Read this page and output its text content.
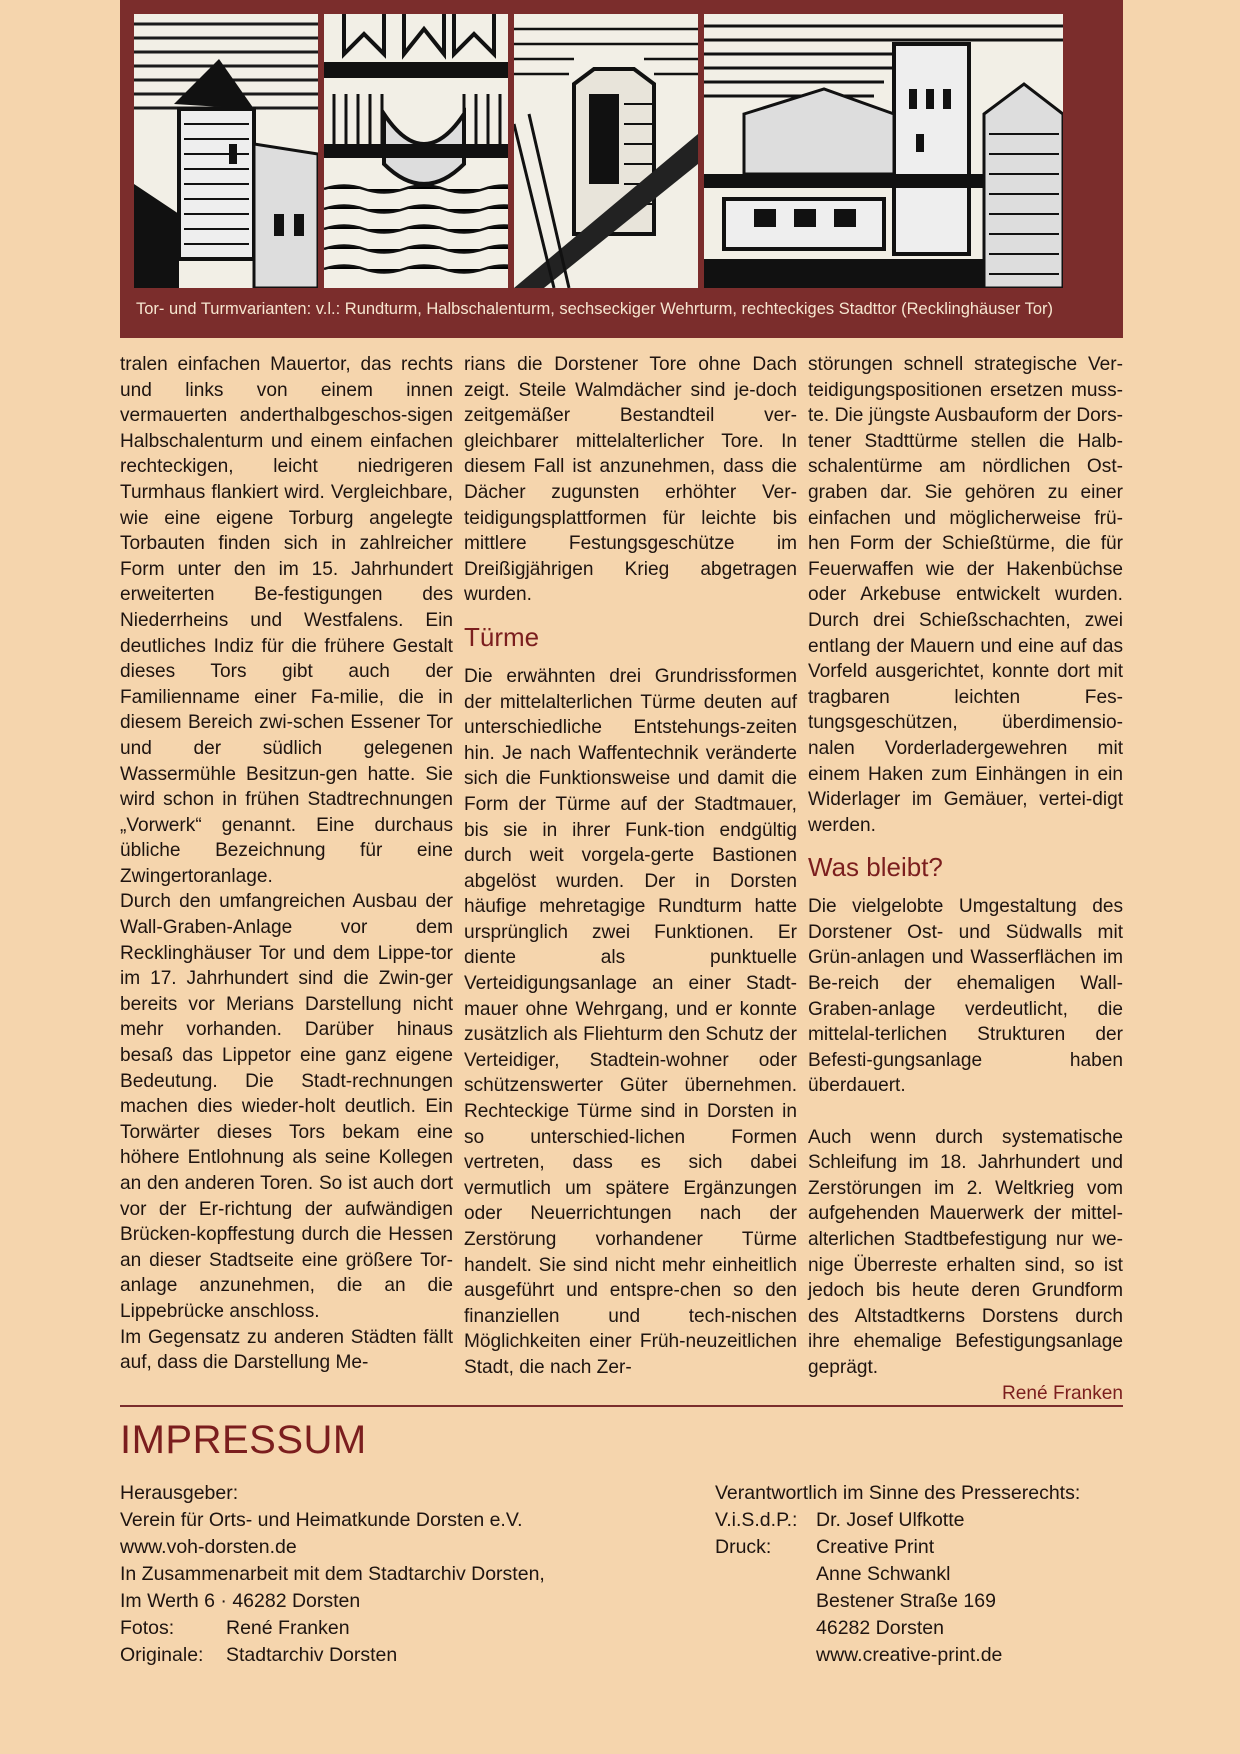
Tor- und Turmvarianten: v.l.: Rundturm, Halbschalenturm, sechseckiger Wehrturm, rechteckiges Stadttor (Recklinghäuser Tor)

tralen einfachen Mauertor, das rechts und links von einem innen vermauerten anderthalbgeschos-sigen Halbschalenturm und einem einfachen rechteckigen, leicht niedrigeren Turmhaus flankiert wird. Vergleichbare, wie eine eigene Torburg angelegte Torbauten finden sich in zahlreicher Form unter den im 15. Jahrhundert erweiterten Be-festigungen des Niederrheins und Westfalens. Ein deutliches Indiz für die frühere Gestalt dieses Tors gibt auch der Familienname einer Fa-milie, die in diesem Bereich zwi-schen Essener Tor und der südlich gelegenen Wassermühle Besitzun-gen hatte. Sie wird schon in frühen Stadtrechnungen „Vorwerk“ genannt. Eine durchaus übliche Bezeichnung für eine Zwingertoranlage.

Durch den umfangreichen Ausbau der Wall-Graben-Anlage vor dem Recklinghäuser Tor und dem Lippe-tor im 17. Jahrhundert sind die Zwin-ger bereits vor Merians Darstellung nicht mehr vorhanden. Darüber hinaus besaß das Lippetor eine ganz eigene Bedeutung. Die Stadt-rechnungen machen dies wieder-holt deutlich. Ein Torwärter dieses Tors bekam eine höhere Entlohnung als seine Kollegen an den anderen Toren. So ist auch dort vor der Er-richtung der aufwändigen Brücken-kopffestung durch die Hessen an dieser Stadtseite eine größere Tor-anlage anzunehmen, die an die Lippebrücke anschloss.

Im Gegensatz zu anderen Städten fällt auf, dass die Darstellung Me-

rians die Dorstener Tore ohne Dach zeigt. Steile Walmdächer sind je-doch zeitgemäßer Bestandteil ver-gleichbarer mittelalterlicher Tore. In diesem Fall ist anzunehmen, dass die Dächer zugunsten erhöhter Ver-teidigungsplattformen für leichte bis mittlere Festungsgeschütze im Dreißigjährigen Krieg abgetragen wurden.

Türme

Die erwähnten drei Grundrissformen der mittelalterlichen Türme deuten auf unterschiedliche Entstehungs-zeiten hin. Je nach Waffentechnik veränderte sich die Funktionsweise und damit die Form der Türme auf der Stadtmauer, bis sie in ihrer Funk-tion endgültig durch weit vorgela-gerte Bastionen abgelöst wurden. Der in Dorsten häufige mehretagige Rundturm hatte ursprünglich zwei Funktionen. Er diente als punktuelle Verteidigungsanlage an einer Stadt-mauer ohne Wehrgang, und er konnte zusätzlich als Fliehturm den Schutz der Verteidiger, Stadtein-wohner oder schützenswerter Güter übernehmen. Rechteckige Türme sind in Dorsten in so unterschied-lichen Formen vertreten, dass es sich dabei vermutlich um spätere Ergänzungen oder Neuerrichtungen nach der Zerstörung vorhandener Türme handelt. Sie sind nicht mehr einheitlich ausgeführt und entspre-chen so den finanziellen und tech-nischen Möglichkeiten einer Früh-neuzeitlichen Stadt, die nach Zer-

störungen schnell strategische Ver-teidigungspositionen ersetzen muss-te. Die jüngste Ausbauform der Dors-tener Stadttürme stellen die Halb-schalentürme am nördlichen Ost-graben dar. Sie gehören zu einer einfachen und möglicherweise frü-hen Form der Schießtürme, die für Feuerwaffen wie der Hakenbüchse oder Arkebuse entwickelt wurden. Durch drei Schießschachten, zwei entlang der Mauern und eine auf das Vorfeld ausgerichtet, konnte dort mit tragbaren leichten Fes-tungsgeschützen, überdimensio-nalen Vorderladergewehren mit einem Haken zum Einhängen in ein Widerlager im Gemäuer, vertei-digt werden.

Was bleibt?

Die vielgelobte Umgestaltung des Dorstener Ost- und Südwalls mit Grün-anlagen und Wasserflächen im Be-reich der ehemaligen Wall-Graben-anlage verdeutlicht, die mittelal-terlichen Strukturen der Befesti-gungsanlage haben überdauert.

Auch wenn durch systematische Schleifung im 18. Jahrhundert und Zerstörungen im 2. Weltkrieg vom aufgehenden Mauerwerk der mittel-alterlichen Stadtbefestigung nur we-nige Überreste erhalten sind, so ist jedoch bis heute deren Grundform des Altstadtkerns Dorstens durch ihre ehemalige Befestigungsanlage geprägt.

René Franken

IMPRESSUM
Herausgeber:
Verein für Orts- und Heimatkunde Dorsten e.V.
www.voh-dorsten.de
In Zusammenarbeit mit dem Stadtarchiv Dorsten,
Im Werth 6 · 46282 Dorsten
Fotos:	René Franken
Originale: Stadtarchiv Dorsten
Verantwortlich im Sinne des Presserechts:
V.i.S.d.P.: Dr. Josef Ulfkotte
Druck: Creative Print
Anne Schwankl
Bestener Straße 169
46282 Dorsten
www.creative-print.de
